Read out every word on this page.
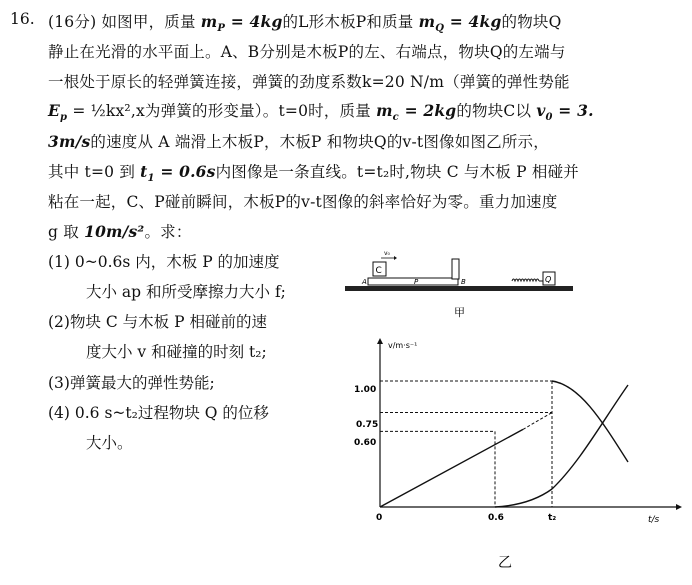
16. (16分) 如图甲，质量 $m_P = 4kg$的L形木板P和质量 $m_Q = 4kg$的物块Q
静止在光滑的水平面上。A、B分别是木板P的左、右端点，物块Q的左端与
一根处于原长的轻弹簧连接，弹簧的劲度系数k=20 N/m（弹簧的弹性势能
$E_p$ = ½kx²,x为弹簧的形变量）。t=0时，质量 $m_c = 2kg$的物块C以 $v_0 = 3$.
3m/s的速度从 A 端滑上木板P，木板P 和物块Q的v-t图像如图乙所示，
其中 t=0 到 $t_1 = 0.6s$内图像是一条直线。t=t₂时,物块 C 与木板 P 相碰并
粘在一起，C、P碰前瞬间，木板P的v-t图像的斜率恰好为零。重力加速度
g 取 10m/s²。求：
(1) 0~0.6s 内，木板 P 的加速度
大小 ap 和所受摩擦力大小 f;
(2)物块 C 与木板 P 相碰前的速
度大小 v 和碰撞的时刻 t₂;
(3)弹簧最大的弹性势能;
(4) 0.6 s~t₂过程物块 Q 的位移
大小。
C
v₀
P
A	B	Q
甲
v/m·s⁻¹
t/s
1.00
0.75
0.60
0	0.6	t₂
乙
